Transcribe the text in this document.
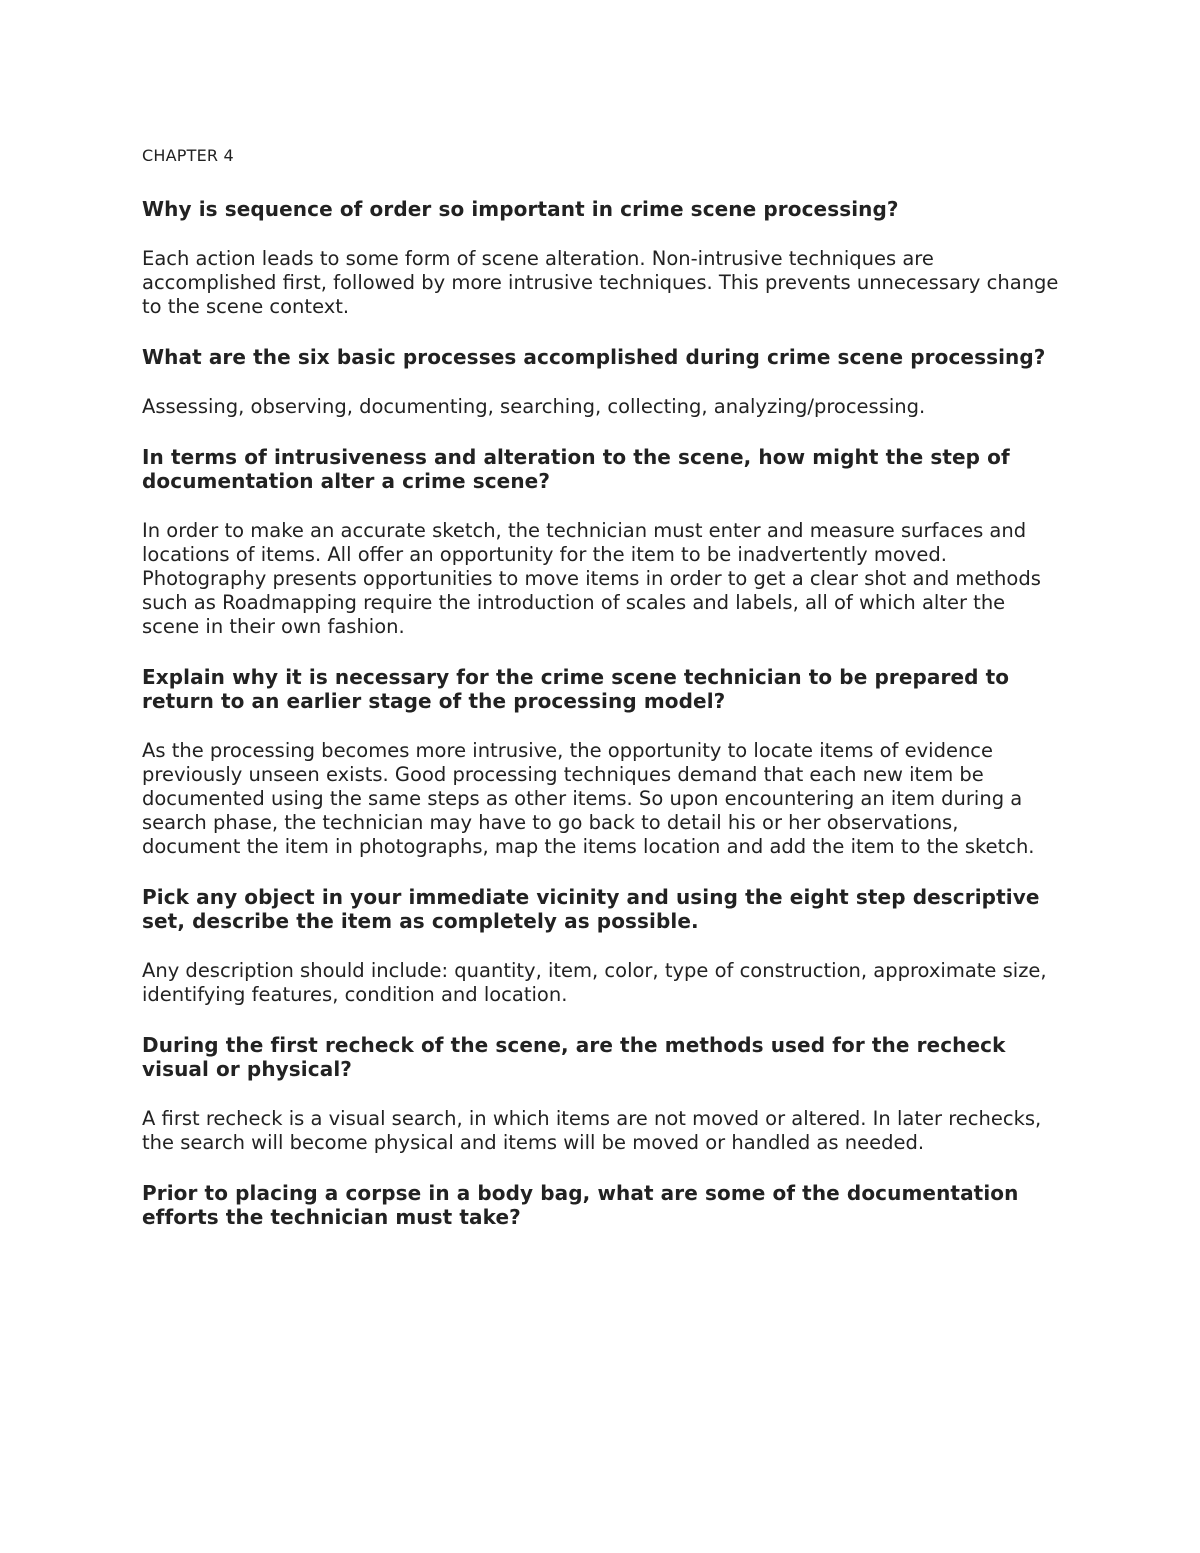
CHAPTER 4

Why is sequence of order so important in crime scene processing?

Each action leads to some form of scene alteration. Non-intrusive techniques are accomplished first, followed by more intrusive techniques. This prevents unnecessary change to the scene context.

What are the six basic processes accomplished during crime scene processing?

Assessing, observing, documenting, searching, collecting, analyzing/processing.

In terms of intrusiveness and alteration to the scene, how might the step of documentation alter a crime scene?

In order to make an accurate sketch, the technician must enter and measure surfaces and locations of items. All offer an opportunity for the item to be inadvertently moved. Photography presents opportunities to move items in order to get a clear shot and methods such as Roadmapping require the introduction of scales and labels, all of which alter the scene in their own fashion.

Explain why it is necessary for the crime scene technician to be prepared to return to an earlier stage of the processing model?

As the processing becomes more intrusive, the opportunity to locate items of evidence previously unseen exists. Good processing techniques demand that each new item be documented using the same steps as other items. So upon encountering an item during a search phase, the technician may have to go back to detail his or her observations, document the item in photographs, map the items location and add the item to the sketch.

Pick any object in your immediate vicinity and using the eight step descriptive set, describe the item as completely as possible.

Any description should include: quantity, item, color, type of construction, approximate size, identifying features, condition and location.

During the first recheck of the scene, are the methods used for the recheck visual or physical?

A first recheck is a visual search, in which items are not moved or altered. In later rechecks, the search will become physical and items will be moved or handled as needed.

Prior to placing a corpse in a body bag, what are some of the documentation efforts the technician must take?
